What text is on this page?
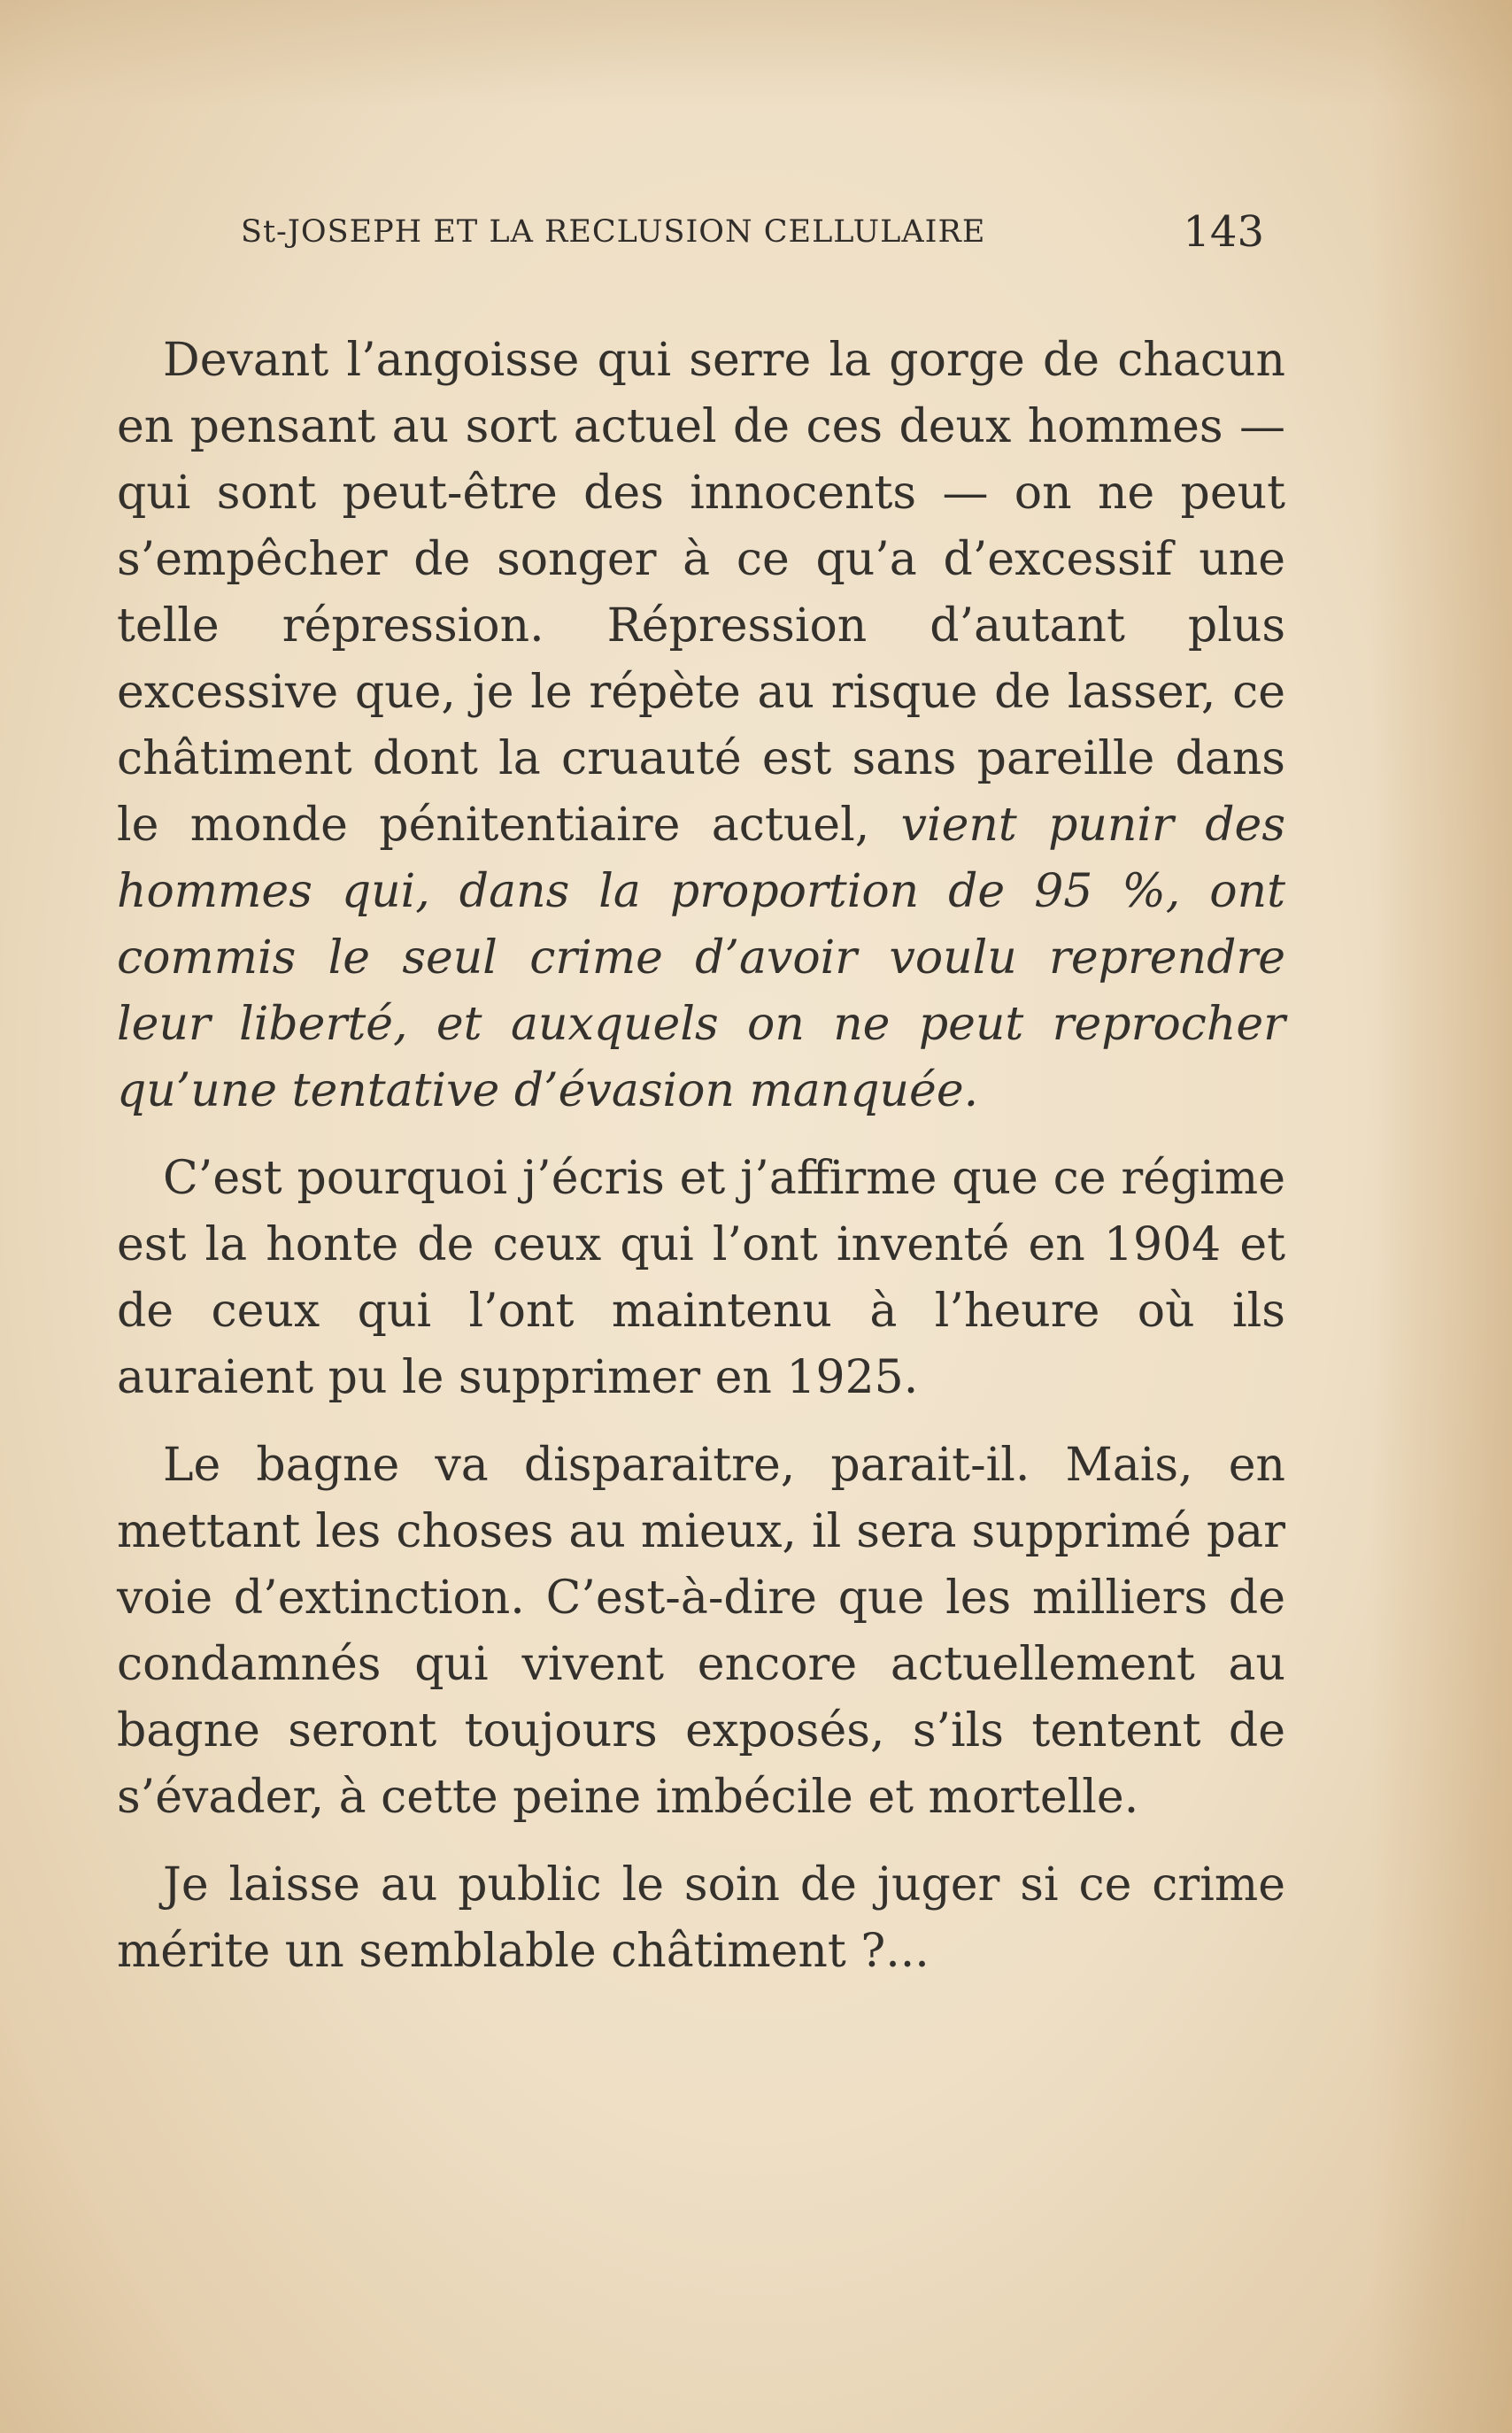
St-JOSEPH ET LA RECLUSION CELLULAIRE	143

Devant l’angoisse qui serre la gorge de chacun en pensant au sort actuel de ces deux hommes — qui sont peut-être des innocents — on ne peut s’empêcher de songer à ce qu’a d’excessif une telle répression. Répression d’autant plus excessive que, je le répète au risque de lasser, ce châtiment dont la cruauté est sans pareille dans le monde pénitentiaire actuel, vient punir des hommes qui, dans la proportion de 95 %, ont commis le seul crime d’avoir voulu reprendre leur liberté, et auxquels on ne peut reprocher qu’une tentative d’évasion manquée.

C’est pourquoi j’écris et j’affirme que ce régime est la honte de ceux qui l’ont inventé en 1904 et de ceux qui l’ont maintenu à l’heure où ils auraient pu le supprimer en 1925.

Le bagne va disparaitre, parait-il. Mais, en mettant les choses au mieux, il sera supprimé par voie d’extinction. C’est-à-dire que les milliers de condamnés qui vivent encore actuellement au bagne seront toujours exposés, s’ils tentent de s’évader, à cette peine imbécile et mortelle.

Je laisse au public le soin de juger si ce crime mérite un semblable châtiment ?...
